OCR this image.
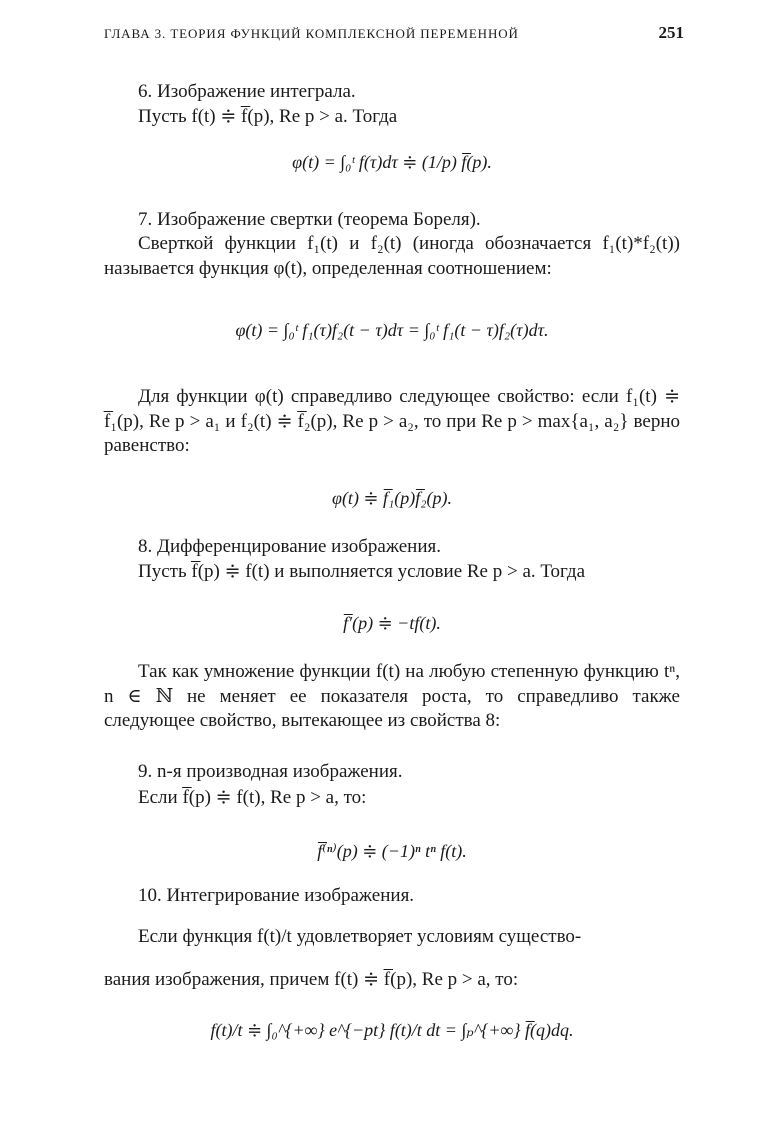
ГЛАВА 3. ТЕОРИЯ ФУНКЦИЙ КОМПЛЕКСНОЙ ПЕРЕМЕННОЙ	251
6. Изображение интеграла.
Пусть f(t) ≑ f̅(p), Re p > a. Тогда
φ(t) = ∫₀ᵗ f(τ)dτ ≑ (1/p) f̅(p).
7. Изображение свертки (теорема Бореля).

Сверткой функции f₁(t) и f₂(t) (иногда обозначается f₁(t)*f₂(t)) называется функция φ(t), определенная соотношением:

φ(t) = ∫₀ᵗ f₁(τ)f₂(t − τ)dτ = ∫₀ᵗ f₁(t − τ)f₂(τ)dτ.

Для функции φ(t) справедливо следующее свойство: если f₁(t) ≑ f̅₁(p), Re p > a₁ и f₂(t) ≑ f̅₂(p), Re p > a₂, то при Re p > max{a₁, a₂} верно равенство:

φ(t) ≑ f̅₁(p)f̅₂(p).
8. Дифференцирование изображения.
Пусть f̅(p) ≑ f(t) и выполняется условие Re p > a. Тогда
f̅′(p) ≑ −tf(t).

Так как умножение функции f(t) на любую степенную функцию tⁿ, n ∈ ℕ не меняет ее показателя роста, то справедливо также следующее свойство, вытекающее из свойства 8:

9. n-я производная изображения.
Если f̅(p) ≑ f(t), Re p > a, то:
f̅⁽ⁿ⁾(p) ≑ (−1)ⁿ tⁿ f(t).
10. Интегрирование изображения.
Если функция f(t)/t удовлетворяет условиям существо-
вания изображения, причем f(t) ≑ f̅(p), Re p > a, то:
f(t)/t ≑ ∫₀^{+∞} e^{−pt} f(t)/t dt = ∫ₚ^{+∞} f̅(q)dq.
